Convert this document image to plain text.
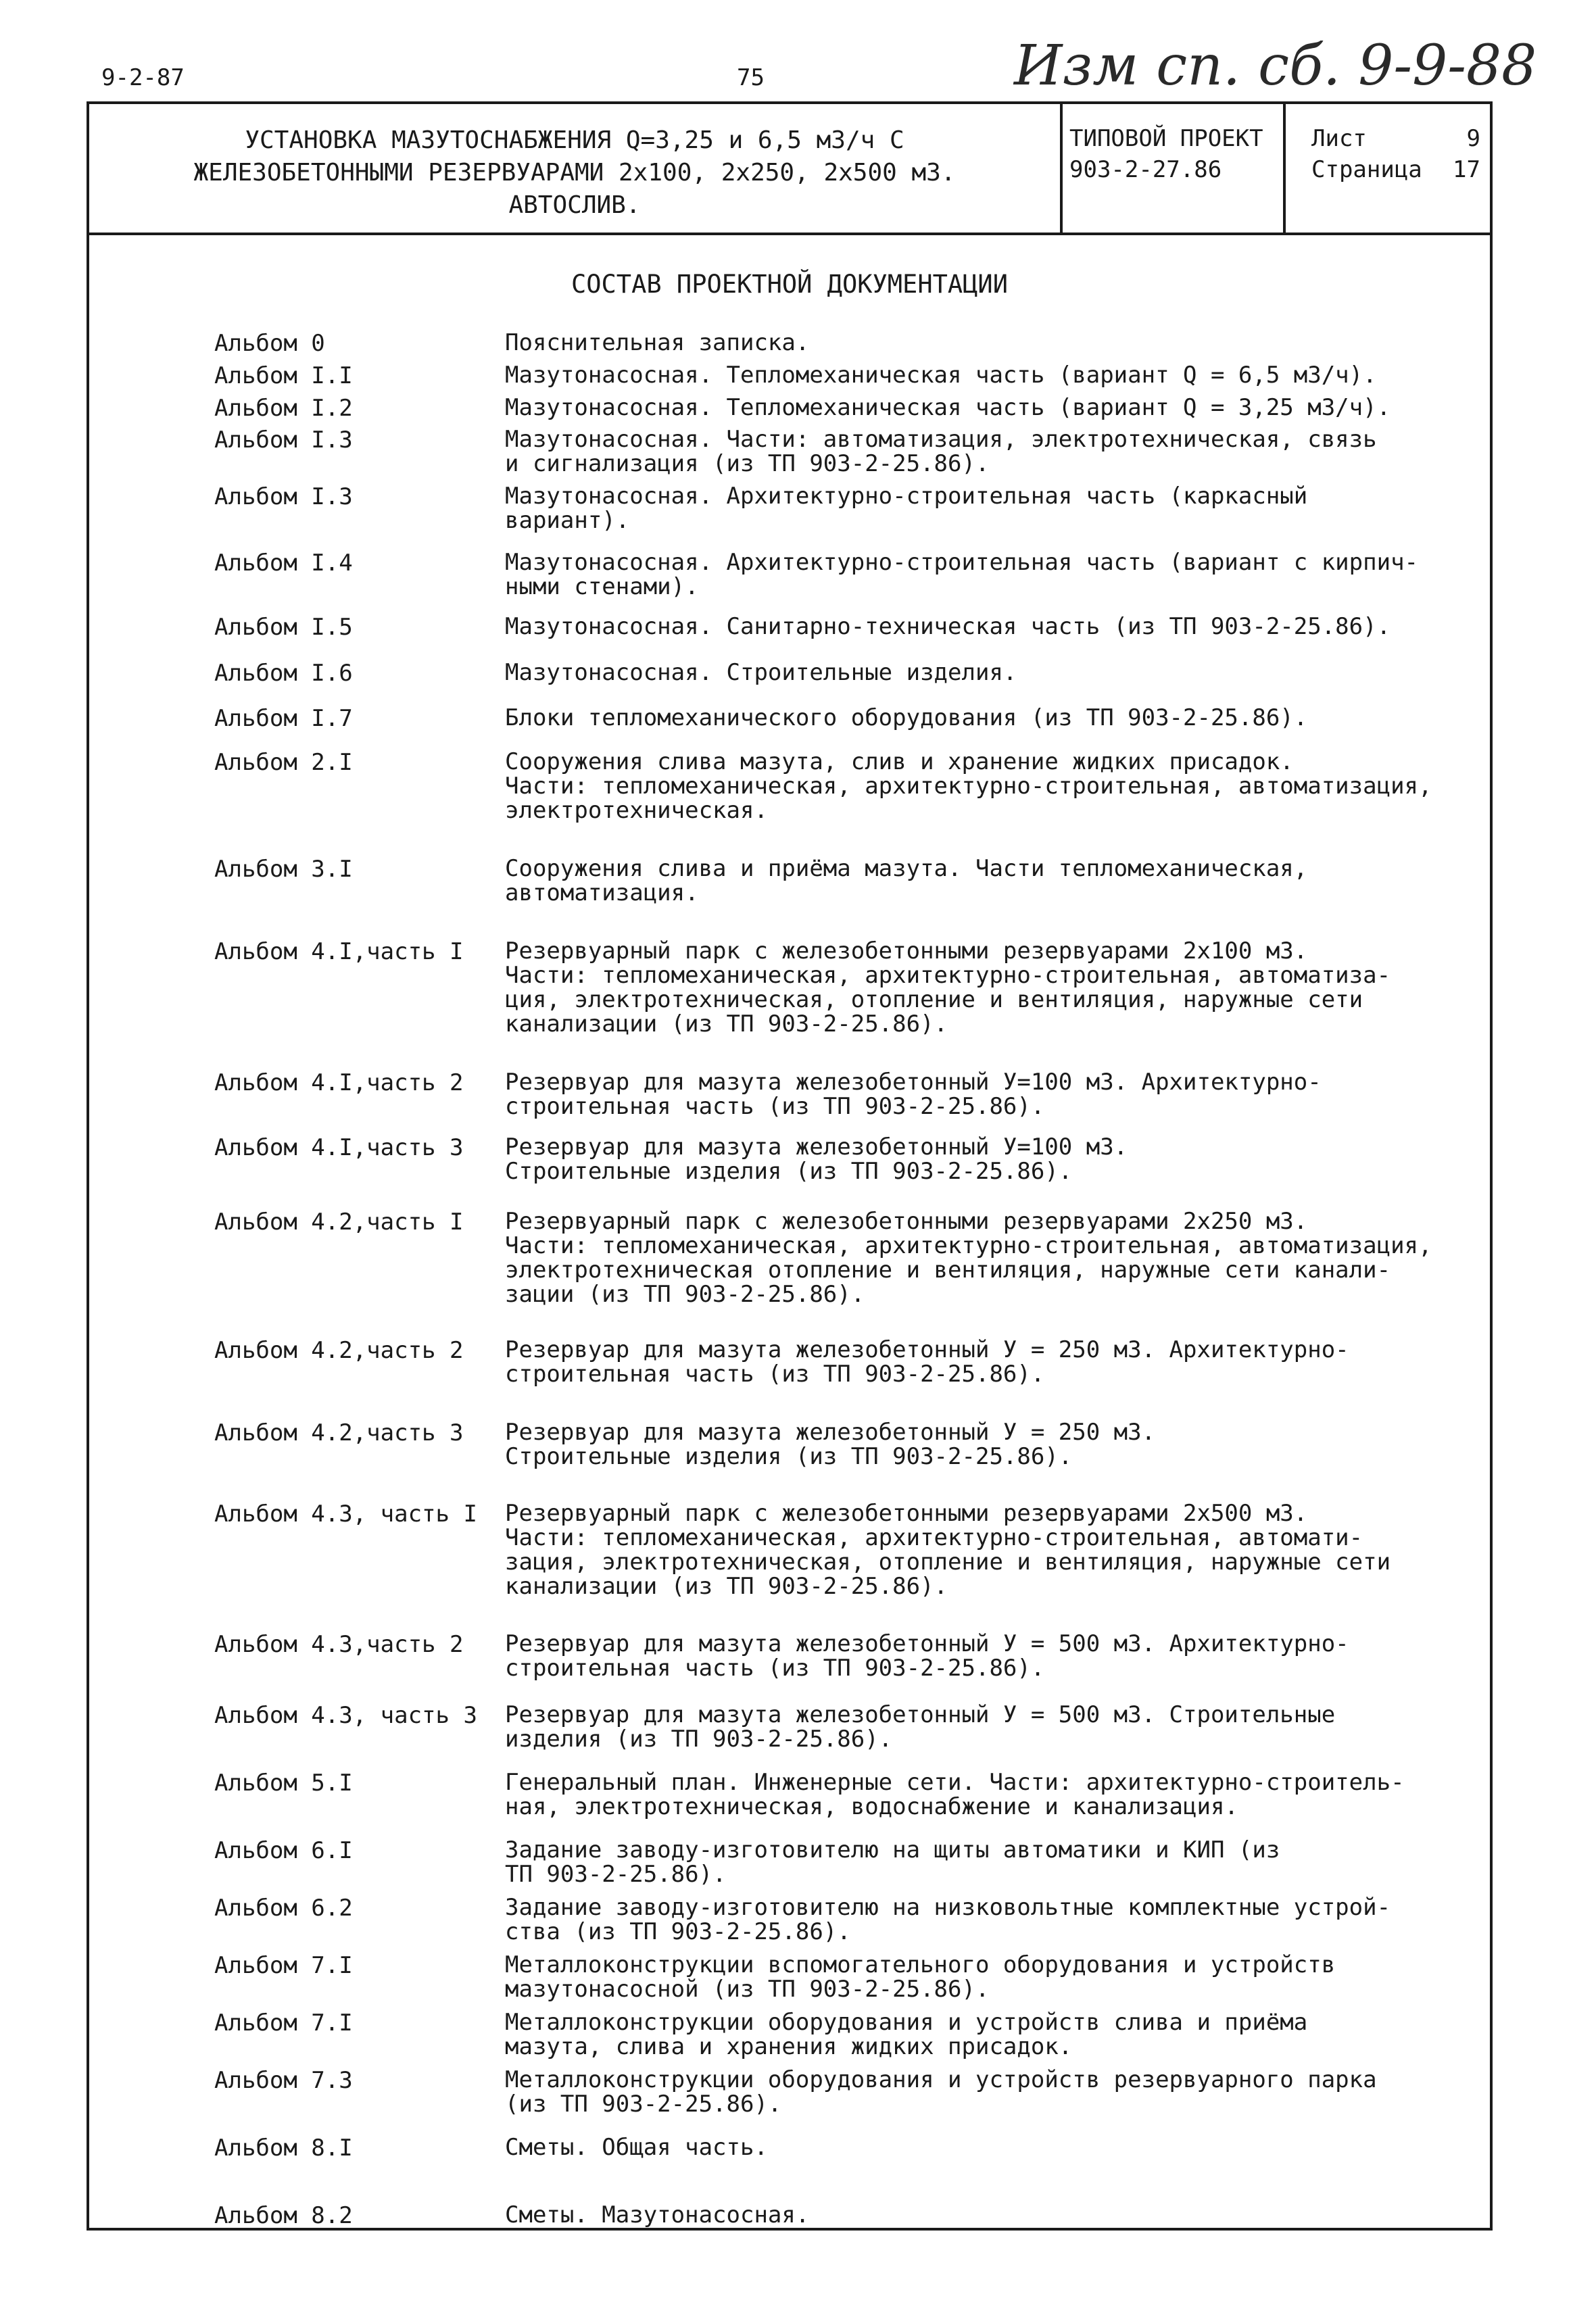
9-2-87	75	Изм сп. сб. 9-9-88
УСТАНОВКА МАЗУТОСНАБЖЕНИЯ Q=3,25 и 6,5 м3/ч С
ЖЕЛЕЗОБЕТОННЫМИ РЕЗЕРВУАРАМИ 2х100, 2х250, 2х500 м3.
АВТОСЛИВ.
ТИПОВОЙ ПРОЕКТ
903-2-27.86
Лист	9
Страница 17
СОСТАВ ПРОЕКТНОЙ ДОКУМЕНТАЦИИ
Альбом 0	Пояснительная записка.
Альбом I.I	Мазутонасосная. Тепломеханическая часть (вариант Q = 6,5 м3/ч).
Альбом I.2	Мазутонасосная. Тепломеханическая часть (вариант Q = 3,25 м3/ч).
Альбом I.3	Мазутонасосная. Части: автоматизация, электротехническая, связь
и сигнализация (из ТП 903-2-25.86).
Альбом I.3	Мазутонасосная. Архитектурно-строительная часть (каркасный
вариант).
Альбом I.4	Мазутонасосная. Архитектурно-строительная часть (вариант с кирпич-
ными стенами).
Альбом I.5	Мазутонасосная. Санитарно-техническая часть (из ТП 903-2-25.86).
Альбом I.6	Мазутонасосная. Строительные изделия.
Альбом I.7	Блоки тепломеханического оборудования (из ТП 903-2-25.86).
Альбом 2.I	Сооружения слива мазута, слив и хранение жидких присадок.
Части: тепломеханическая, архитектурно-строительная, автоматизация,
электротехническая.
Альбом 3.I	Сооружения слива и приёма мазута. Части тепломеханическая,
автоматизация.
Альбом 4.I,часть I	Резервуарный парк с железобетонными резервуарами 2х100 м3.
Части: тепломеханическая, архитектурно-строительная, автоматиза-
ция, электротехническая, отопление и вентиляция, наружные сети
канализации (из ТП 903-2-25.86).
Альбом 4.I,часть 2	Резервуар для мазута железобетонный У=100 м3. Архитектурно-
строительная часть (из ТП 903-2-25.86).
Альбом 4.I,часть 3	Резервуар для мазута железобетонный У=100 м3.
Строительные изделия (из ТП 903-2-25.86).
Альбом 4.2,часть I	Резервуарный парк с железобетонными резервуарами 2х250 м3.
Части: тепломеханическая, архитектурно-строительная, автоматизация,
электротехническая отопление и вентиляция, наружные сети канали-
зации (из ТП 903-2-25.86).
Альбом 4.2,часть 2	Резервуар для мазута железобетонный У = 250 м3. Архитектурно-
строительная часть (из ТП 903-2-25.86).
Альбом 4.2,часть 3	Резервуар для мазута железобетонный У = 250 м3.
Строительные изделия (из ТП 903-2-25.86).
Альбом 4.3, часть I	Резервуарный парк с железобетонными резервуарами 2х500 м3.
Части: тепломеханическая, архитектурно-строительная, автомати-
зация, электротехническая, отопление и вентиляция, наружные сети
канализации (из ТП 903-2-25.86).
Альбом 4.3,часть 2	Резервуар для мазута железобетонный У = 500 м3. Архитектурно-
строительная часть (из ТП 903-2-25.86).
Альбом 4.3, часть 3	Резервуар для мазута железобетонный У = 500 м3. Строительные
изделия (из ТП 903-2-25.86).
Альбом 5.I	Генеральный план. Инженерные сети. Части: архитектурно-строитель-
ная, электротехническая, водоснабжение и канализация.
Альбом 6.I	Задание заводу-изготовителю на щиты автоматики и КИП (из
ТП 903-2-25.86).
Альбом 6.2	Задание заводу-изготовителю на низковольтные комплектные устрой-
ства (из ТП 903-2-25.86).
Альбом 7.I	Металлоконструкции вспомогательного оборудования и устройств
мазутонасосной (из ТП 903-2-25.86).
Альбом 7.I	Металлоконструкции оборудования и устройств слива и приёма
мазута, слива и хранения жидких присадок.
Альбом 7.3	Металлоконструкции оборудования и устройств резервуарного парка
(из ТП 903-2-25.86).
Альбом 8.I	Сметы. Общая часть.
Альбом 8.2	Сметы. Мазутонасосная.
